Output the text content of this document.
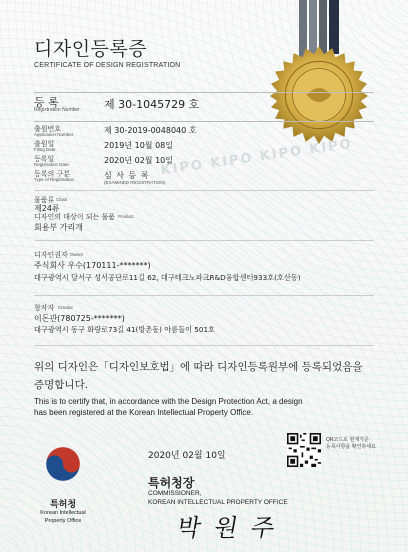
디자인등록증
CERTIFICATE OF DESIGN REGISTRATION
등 록
Registration Number 제 30-1045729 호
출원번호
Application Number	제 30-2019-0048040 호
출원일
Filing Date	2019년 10월 08일
등록일
Registration Date	2020년 02월 10일
KIPO KIPO KIPO KIPO
등록의 구분
Type of Registration	심 사 등 록
(EXAMINED REGISTRATION)
물품류 Class
제24류
디자인의 대상이 되는 물품 Product
회용부 가리개
디자인권자 Owner
주식회사 우수(170111-*******)
대구광역시 달서구 성서공단로11길 62, 대구테크노파크R&D융합센터933호(호산동)
창작자 Creator
이돈관(780725-*******)
대구광역시 동구 화랑로73길 41(방촌동) 아름들이 501호
위의 디자인은「디자인보호법」에 따라 디자인등록원부에 등록되었음을
증명합니다.
This is to certify that, in accordance with the Design Protection Act, a design
has been registered at the Korean Intellectual Property Office.
특허청
Korean Intellectual
Property Office
2020년 02월 10일
특허청장
COMMISSIONER,
KOREAN INTELLECTUAL PROPERTY OFFICE
박 원 주
QR코드로 현재기준
등록사항을 확인하세요
